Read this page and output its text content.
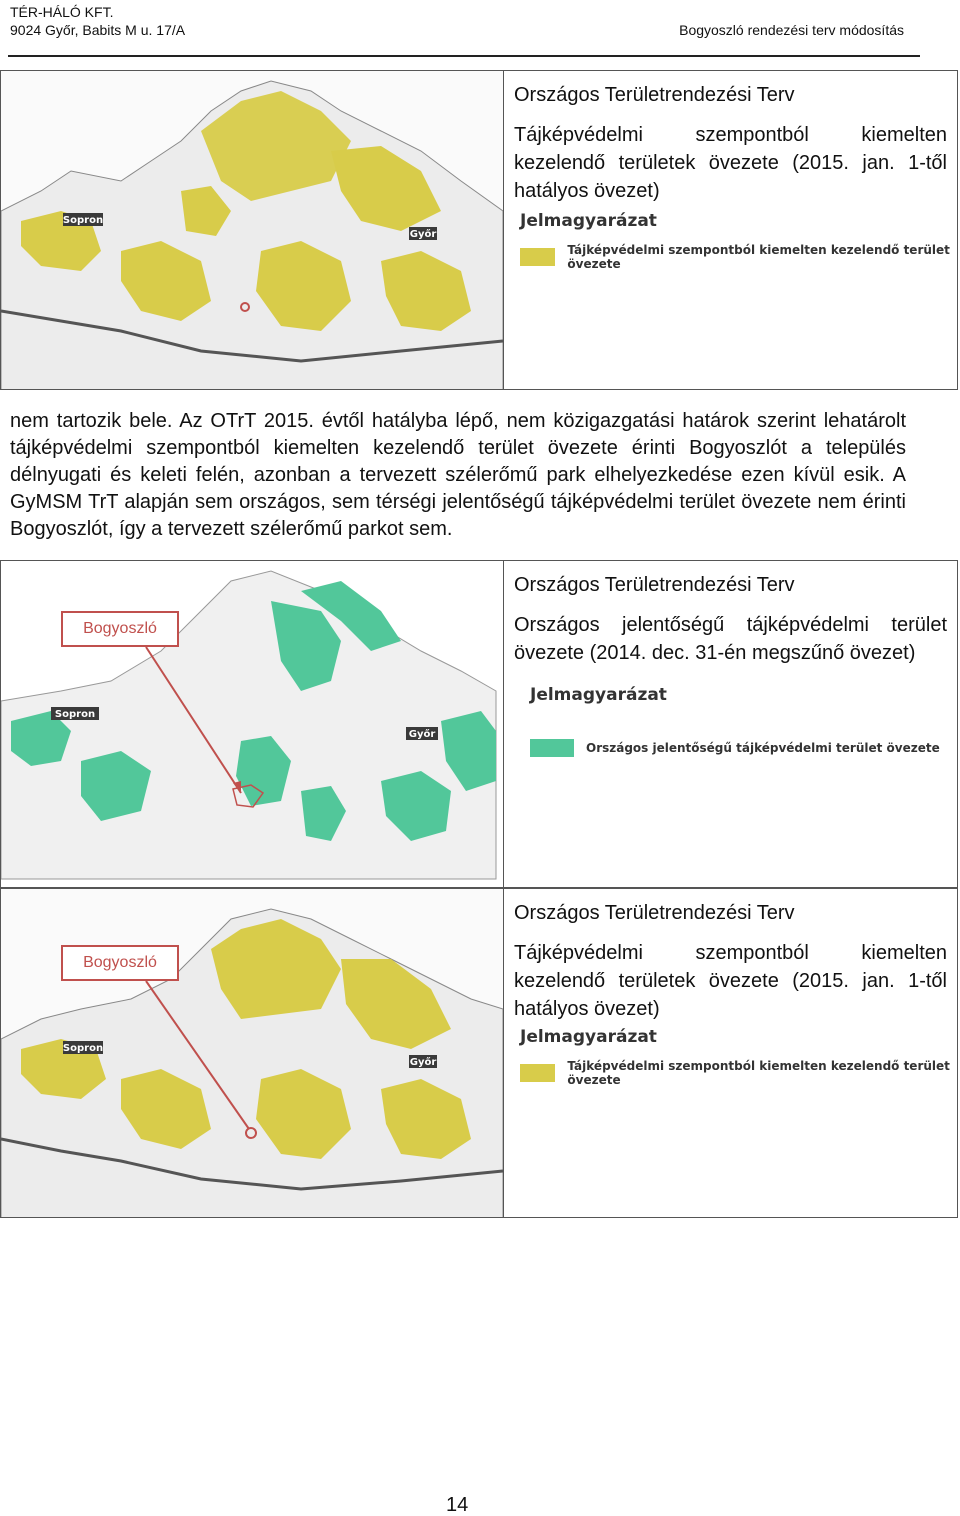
TÉR-HÁLÓ KFT.
9024 Győr, Babits M u. 17/A	Bogyoszló rendezési terv módosítás
Sopron
Győr
Országos Területrendezési Terv
Tájképvédelmi szempontból kiemelten kezelendő területek övezete (2015. jan. 1-től hatályos övezet)
Jelmagyarázat
Tájképvédelmi szempontból kiemelten kezelendő terület övezete
nem tartozik bele. Az OTrT 2015. évtől hatályba lépő, nem közigazgatási határok szerint lehatárolt tájképvédelmi szempontból kiemelten kezelendő terület övezete érinti Bogyoszlót a település délnyugati és keleti felén, azonban a tervezett szélerőmű park elhelyezkedése ezen kívül esik. A GyMSM TrT alapján sem országos, sem térségi jelentőségű tájképvédelmi terület övezete nem érinti Bogyoszlót, így a tervezett szélerőmű parkot sem.
Sopron
Győr
Bogyoszló
Országos Területrendezési Terv
Országos jelentőségű tájképvédelmi terület övezete (2014. dec. 31-én megszűnő övezet)
Jelmagyarázat
Országos jelentőségű tájképvédelmi terület övezete
Sopron
Győr
Bogyoszló
Országos Területrendezési Terv
Tájképvédelmi szempontból kiemelten kezelendő területek övezete (2015. jan. 1-től hatályos övezet)
Jelmagyarázat
Tájképvédelmi szempontból kiemelten kezelendő terület övezete
14
